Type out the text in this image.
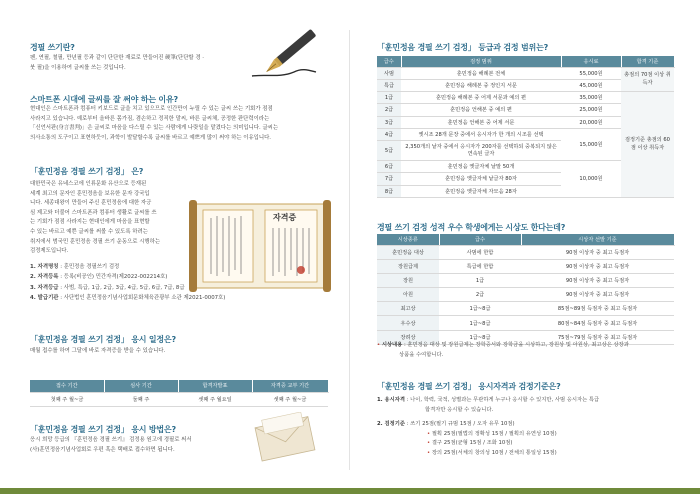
경필 쓰기란?
펜, 연필, 철필, 만년필 등과 같이 단단한 재료로 만들어진 硬筆(단단할 경 ·
붓 필)을 이용하여 글씨를 쓰는 것입니다.
스마트폰 시대에 글씨를 잘 써야 하는 이유?
현대인은 스마트폰과 컴퓨터 키보드로 글을 치고 있으므로 인간만이 누릴 수 있는 글씨 쓰는 기회가 점점
사라지고 있습니다. 예로부터 올바른 몸가짐, 겸손하고 정직한 말씨, 바른 글씨체, 공정한 판단력이라는
「신언서판(身言書判)」은 글씨로 마음을 다스릴 수 있는 사람에게 나랏일을 맡겼다는 의미입니다. 글씨는
의사소통의 도구이고 표현하듯이, 과학이 발달할수록 글씨를 바르고 예쁘게 많이 써야 하는 이유입니다.
「훈민정음 경필 쓰기 검정」 은?
대한민국은 유네스코에 인류문화 유산으로 등재된
세계 최고의 문자인 훈민정음을 보유한 문자 강국입
니다. 세종대왕이 만들어 주신 훈민정음에 대한 자긍
심 제고와 더불어 스마트폰과 컴퓨터 생활로 글씨를 쓰
는 기회가 점점 사라지는 현대인에게 마음을 표현할
수 있는 바르고 예쁜 글씨를 써볼 수 있도록 하려는
취지에서 범국민 훈민정음 경필 쓰기 운동으로 시행하는
검정제도입니다.
자격증
1. 자격명칭 : 훈민정음 경필쓰기 검정
2. 자격등록 : 등록(비공인) 민간자격(제2022-002214호)
3. 자격등급 : 사범, 특급, 1급, 2급, 3급, 4급, 5급, 6급, 7급, 8급
4. 발급기관 : 사단법인 훈민정음기념사업회문화체육관광부 소관 제2021-0007호)
「훈민정음 경필 쓰기 검정」 응시 일정은?
매월 접수를 하여 그달에 바로 자격증을 받을 수 있습니다.
접수 기간	심사 기간	합격자발표	자격증 교부 기간
첫째 주 월~금	둘째 주	셋째 주 월요일	셋째 주 월~금
「훈민정음 경필 쓰기 검정」 응시 방법은?
응시 희망 등급의 『훈민정음 경필 쓰기』 검정용 원고에 경필로 써서
(사)훈민정음기념사업회로 우편 혹은 택배로 접수하면 됩니다.
「훈민정음 경필 쓰기 검정」 등급과 검정 범위는?
급수	검정 범위	응시료	합격 기준
사범	훈민정음 해례본 전체	55,000원	총점의 70점 이상 취득자
특급	훈민정음 해례본 중 정인지 서문	45,000원	
1급	훈민정음 해례본 중 어제 서문과 예의 편	35,000원	검정기준 총점의 60점 이상 취득자
2급	훈민정음 언해본 중 예의 편	25,000원	
3급	훈민정음 언해본 중 어제 서문	20,000원	
4급	옛시조 28개 문장 중에서 응시자가 한 개의 시조를 선택	15,000원	
5급	2,350개의 낱자 중에서 응시자가 200자를 선택하되 중복되지 않은 연속된 글자		
6급	훈민정음 옛글자체 낱말 50개	10,000원	
7급	훈민정음 옛글자체 낱글자 80자		
8급	훈민정음 옛글자체 자모음 28자		
경필 쓰기 검정 성적 우수 학생에게는 시상도 한다는데?
시상종류	급수	시상자 선발 기준
훈민정음 대상	사범에 한함	90점 이상자 중 최고 득점자
장원급제	특급에 한함	90점 이상자 중 최고 득점자
장원	1급	90점 이상자 중 최고 득점자
아원	2급	90점 이상자 중 최고 득점자
최고상	1급~8급	85점~89점 득점자 중 최고 득점자
우수상	1급~8급	80점~84점 득점자 중 최고 득점자
장려상	1급~8급	75점~79점 득점자 중 최고 득점자
• 시상내용 : 훈민정음 대상 및 장원급제는 장학증서와 장학금을 시상하고, 장원상 및 아원상, 최고상은 상장과
상품을 수여합니다.
「훈민정음 경필 쓰기 검정」 응시자격과 검정기준은?
1. 응시자격 : 나이, 학력, 국적, 성별과는 무관하게 누구나 응시할 수 있지만, 사범 응시자는 특급
합격자만 응시할 수 있습니다.
2. 검정기준 : 쓰기 25점(필기 규범 15점 / 오자 유무 10점)
• 필획 25점(필법의 정확성 15점 / 필획의 유연성 10점)
• 결구 25점(균형 15점 / 조화 10점)
• 장의 25점(서체의 창의성 10점 / 전체의 통일성 15점)
